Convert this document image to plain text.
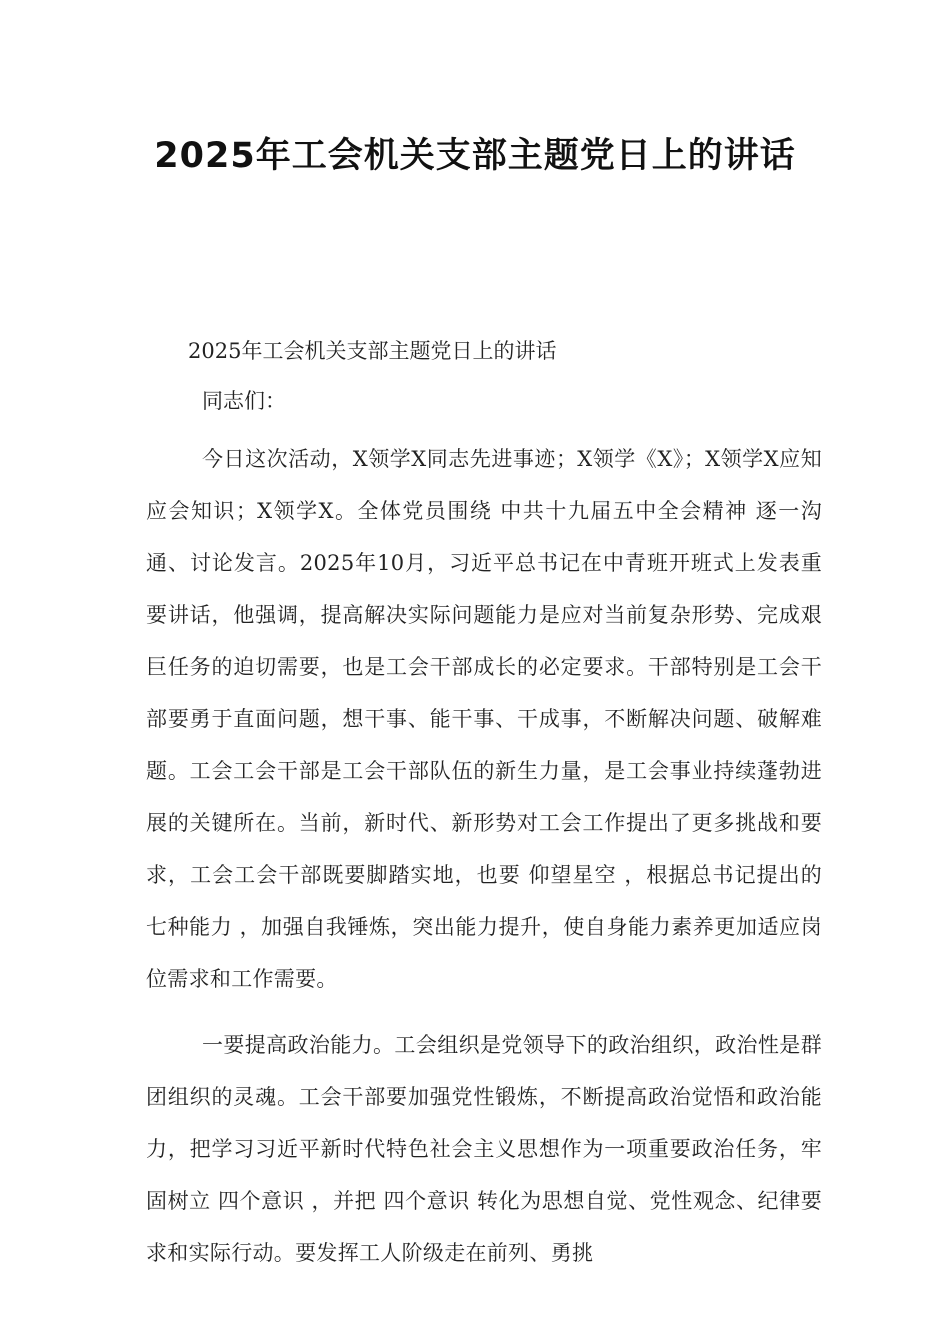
2025年工会机关支部主题党日上的讲话

2025年工会机关支部主题党日上的讲话

同志们：

今日这次活动，X领学X同志先进事迹；X领学《X》；X领学X应知应会知识；X领学X。全体党员围绕 中共十九届五中全会精神 逐一沟通、讨论发言。2025年10月，习近平总书记在中青班开班式上发表重要讲话，他强调，提高解决实际问题能力是应对当前复杂形势、完成艰巨任务的迫切需要，也是工会干部成长的必定要求。干部特别是工会干部要勇于直面问题，想干事、能干事、干成事，不断解决问题、破解难题。工会工会干部是工会干部队伍的新生力量，是工会事业持续蓬勃进展的关键所在。当前，新时代、新形势对工会工作提出了更多挑战和要求，工会工会干部既要脚踏实地，也要 仰望星空 ，根据总书记提出的 七种能力 ，加强自我锤炼，突出能力提升，使自身能力素养更加适应岗位需求和工作需要。

一要提高政治能力。工会组织是党领导下的政治组织，政治性是群团组织的灵魂。工会干部要加强党性锻炼，不断提高政治觉悟和政治能力，把学习习近平新时代特色社会主义思想作为一项重要政治任务，牢固树立 四个意识 ，并把 四个意识 转化为思想自觉、党性观念、纪律要求和实际行动。要发挥工人阶级走在前列、勇挑
